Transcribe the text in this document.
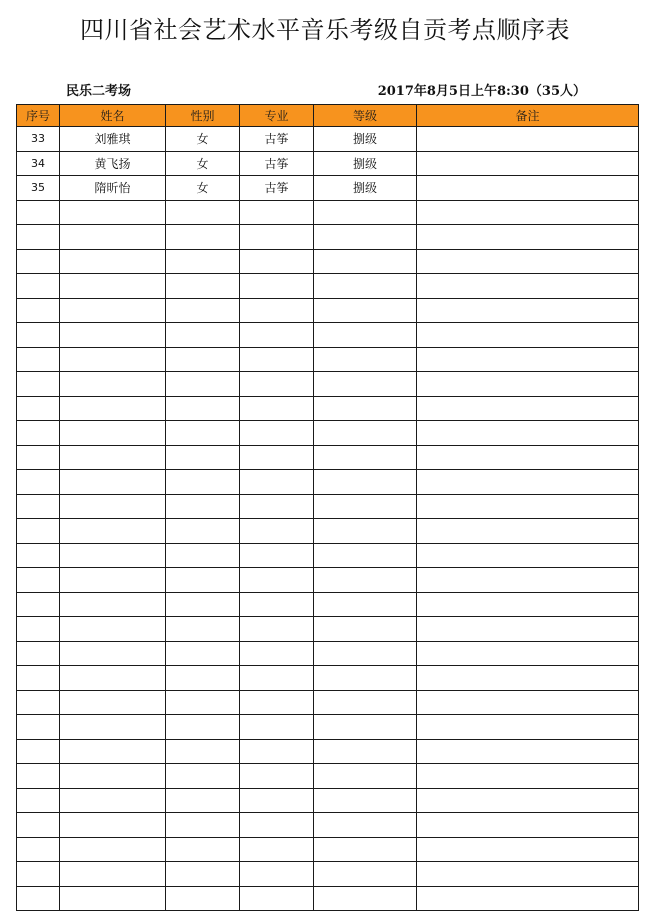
四川省社会艺术水平音乐考级自贡考点顺序表
民乐二考场	2017年8月5日上午8:30（35人）
序号	姓名	性别	专业	等级	备注
33	刘雅琪	女	古筝	捌级	
34	黄飞扬	女	古筝	捌级	
35	隋昕怡	女	古筝	捌级	
